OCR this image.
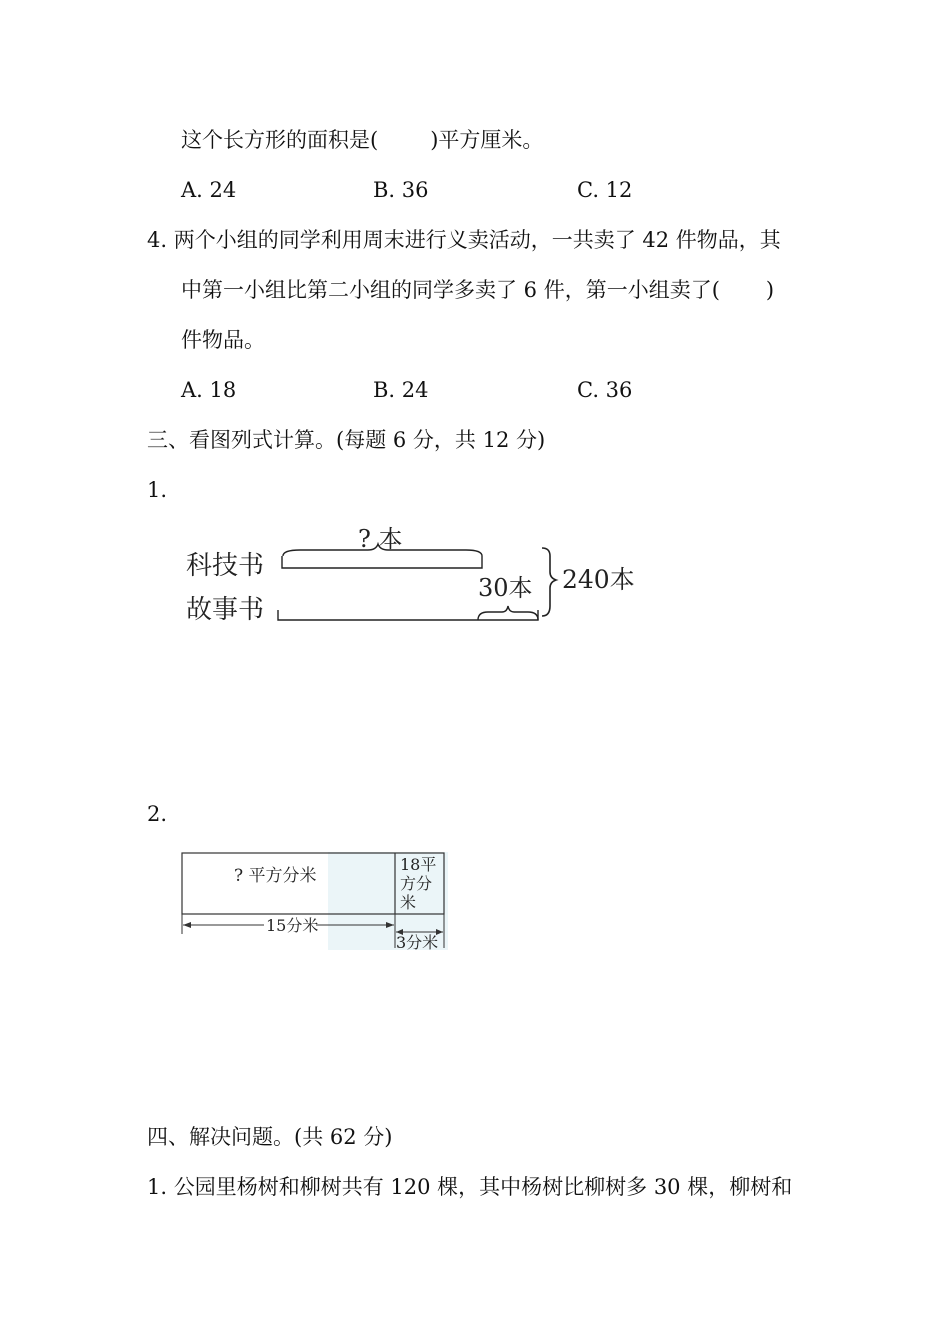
这个长方形的面积是( )平方厘米。
A. 24	B. 36	C. 12
4. 两个小组的同学利用周末进行义卖活动，一共卖了 42 件物品，其
中第一小组比第二小组的同学多卖了 6 件，第一小组卖了( )
件物品。
A. 18	B. 24	C. 36
三、看图列式计算。(每题 6 分，共 12 分)
1.
科技书
故事书
? 本
30本 240本
2.
? 平方分米
18平
方分
米
15分米
3分米
四、解决问题。(共 62 分)
1. 公园里杨树和柳树共有 120 棵，其中杨树比柳树多 30 棵，柳树和
